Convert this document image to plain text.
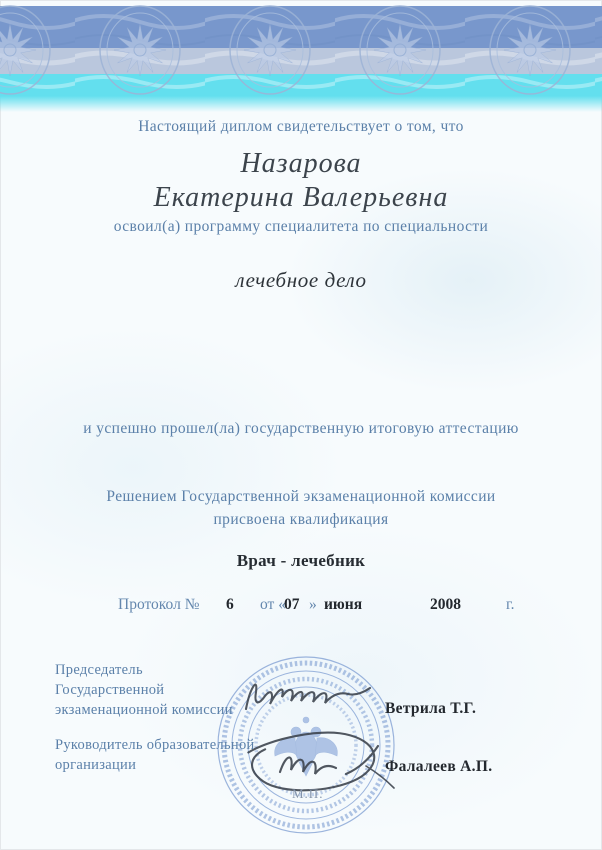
Настоящий диплом свидетельствует о том, что
Назарова
Екатерина Валерьевна
освоил(а) программу специалитета по специальности
лечебное дело
и успешно прошел(ла) государственную итоговую аттестацию
Решением Государственной экзаменационной комиссии
присвоена квалификация
Врач - лечебник
Протокол № 6 от «
07 » июня	2008	г.
Председатель
Государственной
экзаменационной комиссии	Ветрила Т.Г.
Руководитель образовательной
организации	Фалалеев А.П.
М.П.
